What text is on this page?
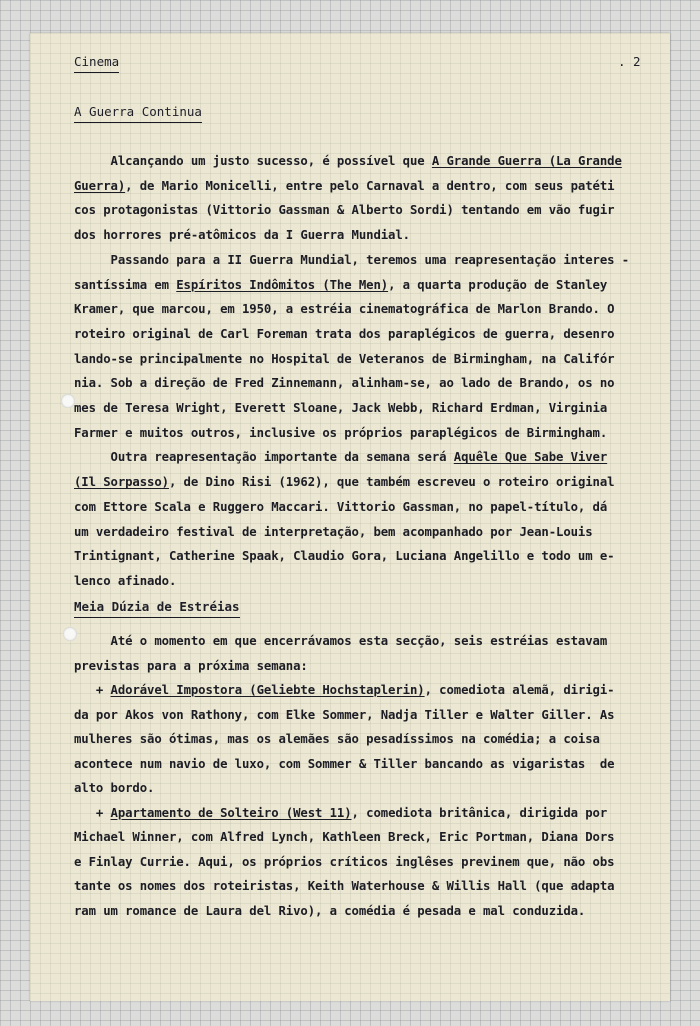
Cinema	. 2
A Guerra Continua
Meia Dúzia de Estréias
Alcançando um justo sucesso, é possível que A Grande Guerra (La Grande
Guerra), de Mario Monicelli, entre pelo Carnaval a dentro, com seus patéti
cos protagonistas (Vittorio Gassman & Alberto Sordi) tentando em vão fugir
dos horrores pré-atômicos da I Guerra Mundial.
Passando para a II Guerra Mundial, teremos uma reapresentação interes -
santíssima em Espíritos Indômitos (The Men), a quarta produção de Stanley
Kramer, que marcou, em 1950, a estréia cinematográfica de Marlon Brando. O
roteiro original de Carl Foreman trata dos paraplégicos de guerra, desenro
lando-se principalmente no Hospital de Veteranos de Birmingham, na Califór
nia. Sob a direção de Fred Zinnemann, alinham-se, ao lado de Brando, os no
mes de Teresa Wright, Everett Sloane, Jack Webb, Richard Erdman, Virginia
Farmer e muitos outros, inclusive os próprios paraplégicos de Birmingham.
Outra reapresentação importante da semana será Aquêle Que Sabe Viver
(Il Sorpasso), de Dino Risi (1962), que também escreveu o roteiro original
com Ettore Scala e Ruggero Maccari. Vittorio Gassman, no papel-título, dá
um verdadeiro festival de interpretação, bem acompanhado por Jean-Louis
Trintignant, Catherine Spaak, Claudio Gora, Luciana Angelillo e todo um e-
lenco afinado.
Até o momento em que encerrávamos esta secção, seis estréias estavam
previstas para a próxima semana:
+ Adorável Impostora (Geliebte Hochstaplerin), comediota alemã, dirigi-
da por Akos von Rathony, com Elke Sommer, Nadja Tiller e Walter Giller. As
mulheres são ótimas, mas os alemães são pesadíssimos na comédia; a coisa
acontece num navio de luxo, com Sommer & Tiller bancando as vigaristas  de
alto bordo.
+ Apartamento de Solteiro (West 11), comediota britânica, dirigida por
Michael Winner, com Alfred Lynch, Kathleen Breck, Eric Portman, Diana Dors
e Finlay Currie. Aqui, os próprios críticos inglêses previnem que, não obs
tante os nomes dos roteiristas, Keith Waterhouse & Willis Hall (que adapta
ram um romance de Laura del Rivo), a comédia é pesada e mal conduzida.
